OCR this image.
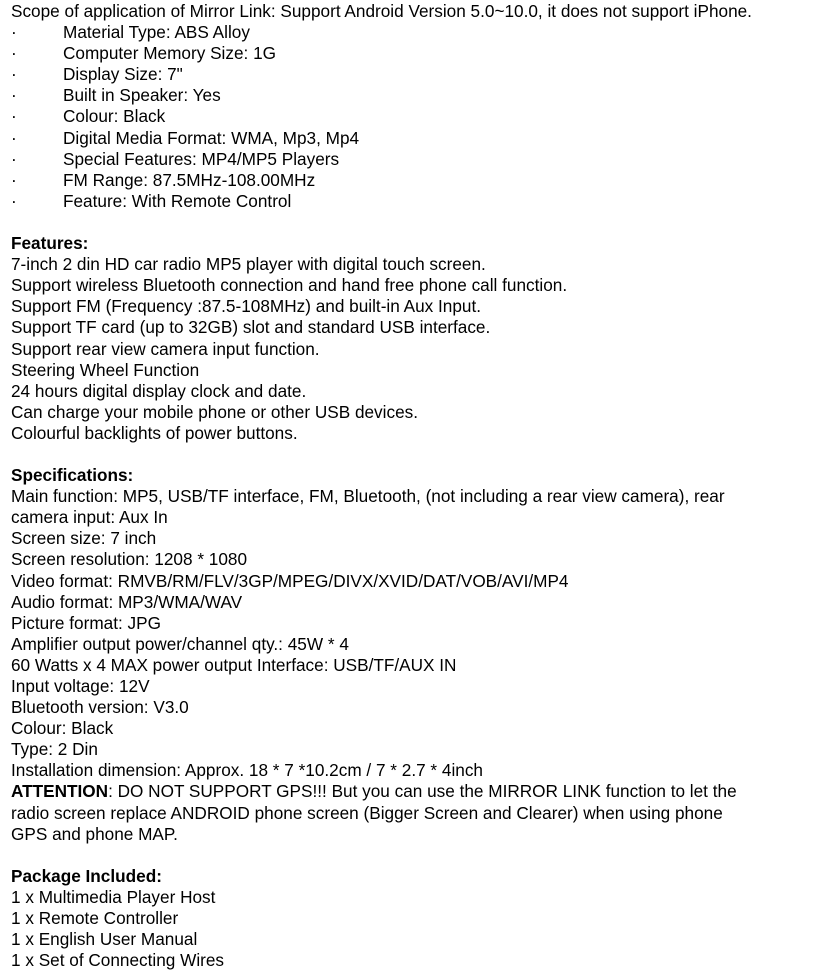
Scope of application of Mirror Link: Support Android Version 5.0~10.0, it does not support iPhone.
·	Material Type: ABS Alloy
·	Computer Memory Size: 1G
·	Display Size: 7"
·	Built in Speaker: Yes
·	Colour: Black
·	Digital Media Format: WMA, Mp3, Mp4
·	Special Features: MP4/MP5 Players
·	FM Range: 87.5MHz-108.00MHz
·	Feature: With Remote Control
Features:
7-inch 2 din HD car radio MP5 player with digital touch screen.
Support wireless Bluetooth connection and hand free phone call function.
Support FM (Frequency :87.5-108MHz) and built-in Aux Input.
Support TF card (up to 32GB) slot and standard USB interface.
Support rear view camera input function.
Steering Wheel Function
24 hours digital display clock and date.
Can charge your mobile phone or other USB devices.
Colourful backlights of power buttons.
Specifications:
Main function: MP5, USB/TF interface, FM, Bluetooth, (not including a rear view camera), rear
camera input: Aux In
Screen size: 7 inch
Screen resolution: 1208 * 1080
Video format: RMVB/RM/FLV/3GP/MPEG/DIVX/XVID/DAT/VOB/AVI/MP4
Audio format: MP3/WMA/WAV
Picture format: JPG
Amplifier output power/channel qty.: 45W * 4
60 Watts x 4 MAX power output Interface: USB/TF/AUX IN
Input voltage: 12V
Bluetooth version: V3.0
Colour: Black
Type: 2 Din
Installation dimension: Approx. 18 * 7 *10.2cm / 7 * 2.7 * 4inch
ATTENTION: DO NOT SUPPORT GPS!!! But you can use the MIRROR LINK function to let the
radio screen replace ANDROID phone screen (Bigger Screen and Clearer) when using phone
GPS and phone MAP.
Package Included:
1 x Multimedia Player Host
1 x Remote Controller
1 x English User Manual
1 x Set of Connecting Wires
